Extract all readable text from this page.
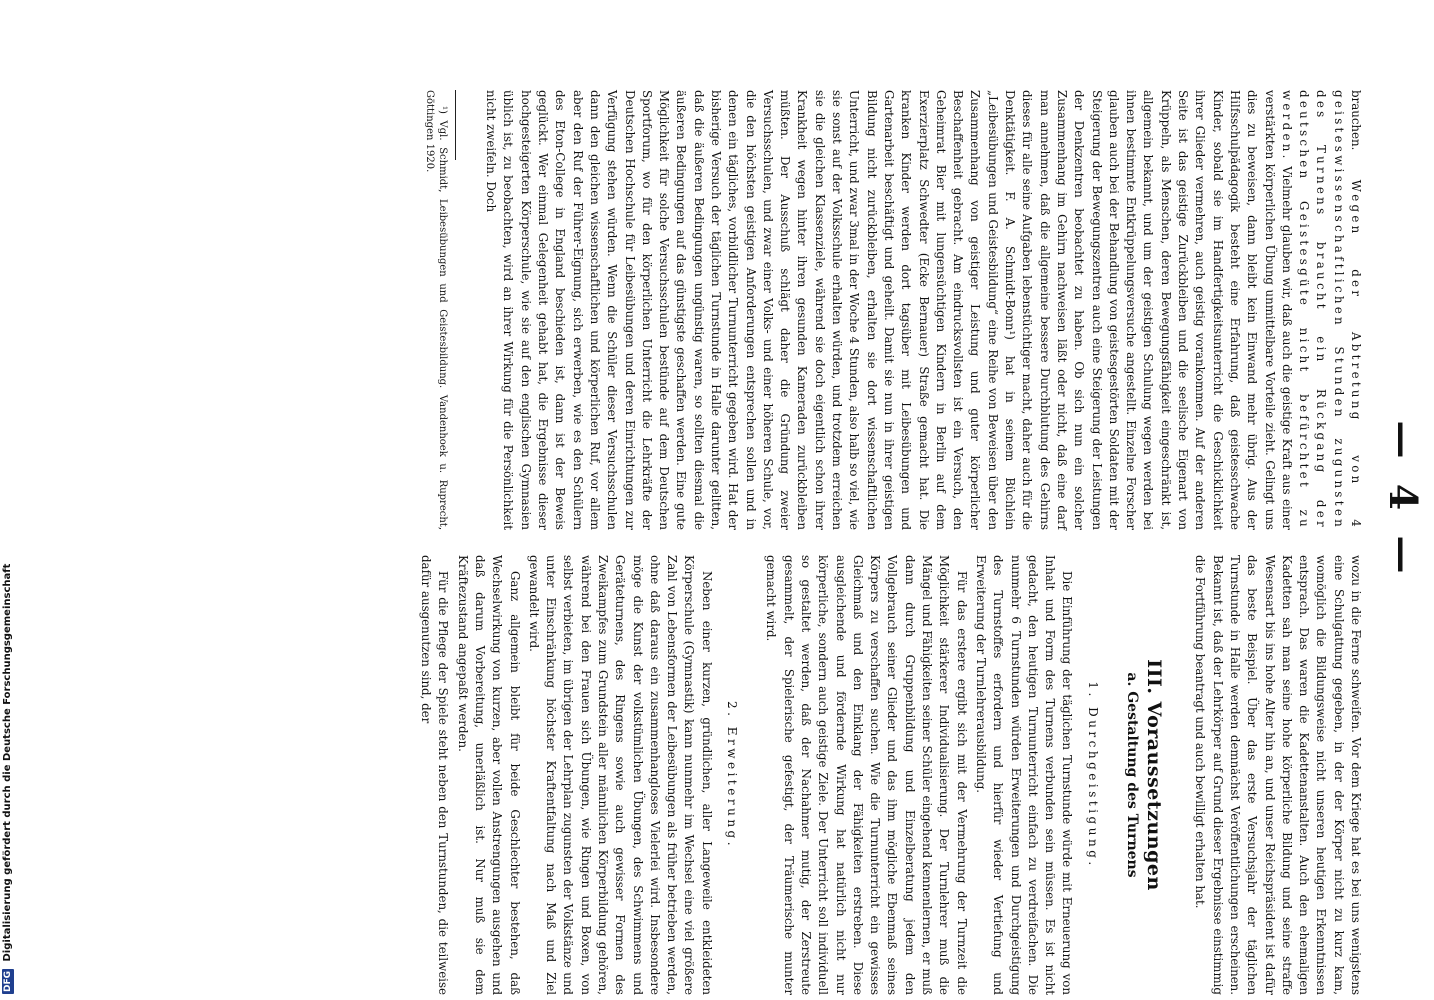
— 4 —

brauchen. Wegen der Abtretung von 4 geisteswissenschaftlichen Stunden zugunsten des Turnens braucht ein Rückgang der deutschen Geistesgüte nicht befürchtet zu werden. Vielmehr glauben wir, daß auch die geistige Kraft aus einer verstärkten körperlichen Übung unmittelbare Vorteile zieht. Gelingt uns dies zu beweisen, dann bleibt kein Einwand mehr übrig. Aus der Hilfsschulpädagogik besteht eine Erfahrung, daß geistesschwache Kinder, sobald sie im Handfertigkeitsunterricht die Geschicklichkeit ihrer Glieder vermehren, auch geistig vorankommen. Auf der anderen Seite ist das geistige Zurückbleiben und die seelische Eigenart von Krüppeln, als Menschen, deren Bewegungsfähigkeit eingeschränkt ist, allgemein bekannt, und um der geistigen Schulung wegen werden bei ihnen bestimmte Entkrüppelungsversuche angestellt. Einzelne Forscher glauben auch bei der Behandlung von geistesgestörten Soldaten mit der Steigerung der Bewegungszentren auch eine Steigerung der Leistungen der Denkzentren beobachtet zu haben. Ob sich nun ein solcher Zusammenhang im Gehirn nachweisen läßt oder nicht, daß eine darf man annehmen, daß die allgemeine bessere Durchblutung des Gehirns dieses für alle seine Aufgaben lebenstüchtiger macht, daher auch für die Denktätigkeit. F. A. Schmidt-Bonn¹) hat in seinem Büchlein „Leibesübungen und Geistesbildung“ eine Reihe von Beweisen über den Zusammenhang von geistiger Leistung und guter körperlicher Beschaffenheit gebracht. Am eindrucksvollsten ist ein Versuch, den Geheimrat Bier mit lungensüchtigen Kindern in Berlin auf dem Exerzierplatz Schwedter (Ecke Bernauer) Straße gemacht hat. Die kranken Kinder werden dort tagsüber mit Leibesübungen und Gartenarbeit beschäftigt und geheilt. Damit sie nun in ihrer geistigen Bildung nicht zurückbleiben, erhalten sie dort wissenschaftlichen Unterricht, und zwar 3mal in der Woche 4 Stunden, also halb so viel, wie sie sonst auf der Volksschule erhalten würden, und trotzdem erreichen sie die gleichen Klassenziele, während sie doch eigentlich schon ihrer Krankheit wegen hinter ihren gesunden Kameraden zurückbleiben müßten. Der Ausschuß schlägt daher die Gründung zweier Versuchsschulen, und zwar einer Volks- und einer höheren Schule, vor, die den höchsten geistigen Anforderungen entsprechen sollen und in denen ein tägliches, vorbildlicher Turnunterricht gegeben wird. Hat der bisherige Versuch der täglichen Turnstunde in Halle darunter gelitten, daß die äußeren Bedingungen ungünstig waren, so sollten diesmal die äußeren Bedingungen auf das günstigste geschaffen werden. Eine gute Möglichkeit für solche Versuchsschulen bestünde auf dem Deutschen Sportforum, wo für den körperlichen Unterricht die Lehrkräfte der Deutschen Hochschule für Leibesübungen und deren Einrichtungen zur Verfügung stehen würden. Wenn die Schüler dieser Versuchsschulen dann den gleichen wissenschaftlichen und körperlichen Ruf, vor allem aber den Ruf der Führer-Eignung, sich erwerben, wie es den Schülern des Eton-College in England beschieden ist, dann ist der Beweis geglückt. Wer einmal Gelegenheit gehabt hat, die Ergebnisse dieser hochgesteigerten Körperschule, wie sie auf den englischen Gymnasien üblich ist, zu beobachten, wird an ihrer Wirkung für die Persönlichkeit nicht zweifeln. Doch

¹) Vgl. Schmidt, Leibesübungen und Geistesbildung. Vandenhoek u. Ruprecht, Göttingen 1920.

wozu in die Ferne schweifen. Vor dem Kriege hat es bei uns wenigstens eine Schulgattung gegeben, in der der Körper nicht zu kurz kam, womöglich die Bildungsweise nicht unseren heutigen Erkenntnissen entsprach. Das waren die Kadettenanstalten. Auch den ehemaligen Kadetten sah man seine hohe körperliche Bildung und seine straffe Wesensart bis ins hohe Alter hin an, und unser Reichspräsident ist dafür das beste Beispiel. Über das erste Versuchsjahr der täglichen Turnstunde in Halle werden demnächst Veröffentlichungen erscheinen. Bekannt ist, daß der Lehrkörper auf Grund dieser Ergebnisse einstimmig die Fortführung beantragt und auch bewilligt erhalten hat.

III. Voraussetzungen
a. Gestaltung des Turnens
1. Durchgeistigung.

Die Einführung der täglichen Turnstunde würde mit Erneuerung von Inhalt und Form des Turnens verbunden sein müssen. Es ist nicht gedacht, den heutigen Turnunterricht einfach zu verdreifachen. Die nunmehr 6 Turnstunden würden Erweiterungen und Durchgeistigung des Turnstoffes erfordern und hierfür wieder Vertiefung und Erweiterung der Turnlehrerausbildung.

Für das erstere ergibt sich mit der Vermehrung der Turnzeit die Möglichkeit stärkerer Individualisierung. Der Turnlehrer muß die Mängel und Fähigkeiten seiner Schüler eingehend kennenlernen, er muß dann durch Gruppenbildung und Einzelberatung jedem den Vollgebrauch seiner Glieder und das ihm mögliche Ebenmaß seines Körpers zu verschaffen suchen. Wie die Turnunterricht ein gewisses Gleichmaß und den Einklang der Fähigkeiten erstreben. Diese ausgleichende und fördernde Wirkung hat natürlich nicht nur körperliche, sondern auch geistige Ziele. Der Unterricht soll individuell so gestaltet werden, daß der Nachahmer mutig, der Zerstreute gesammelt, der Spielerische gefestigt, der Träumerische munter gemacht wird.

2. Erweiterung.

Neben einer kurzen, gründlichen, aller Langeweile entkleideten Körperschule (Gymnastik) kann nunmehr im Wechsel eine viel größere Zahl von Lebensformen der Leibesübungen als früher betrieben werden, ohne daß daraus ein zusammenhangloses Vielerlei wird. Insbesondere möge die Kunst der volkstümlichen Übungen, des Schwimmens und Geräteturnens, des Ringens sowie auch gewisser Formen des Zweikampfes zum Grundstein aller männlichen Körperbildung gehören, während bei den Frauen sich Übungen, wie Ringen und Boxen, von selbst verbieten, im übrigen der Lehrplan zugunsten der Volkstänze und unter Einschränkung höchster Kraftentfaltung nach Maß und Ziel gewandelt wird.

Ganz allgemein bleibt für beide Geschlechter bestehen, daß Wechselwirkung von kurzen, aber vollen Anstrengungen ausgehen und daß darum Vorbereitung, unerläßlich ist. Nur muß sie dem Kräftezustand angepaßt werden.

Für die Pflege der Spiele steht neben den Turnstunden, die teilweise dafür ausgenutzen sind, der

DFG Digitalisierung gefördert durch die Deutsche Forschungsgemeinschaft
